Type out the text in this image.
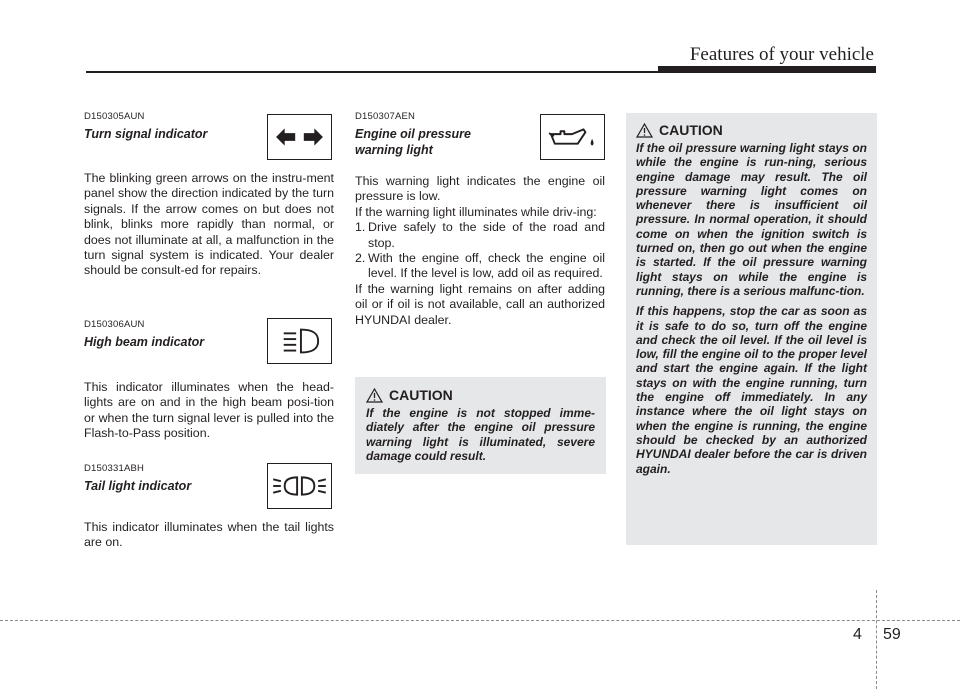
Features of your vehicle
D150305AUN
Turn signal indicator
The blinking green arrows on the instru-ment panel show the direction indicated by the turn signals. If the arrow comes on but does not blink, blinks more rapidly than normal, or does not illuminate at all, a malfunction in the turn signal system is indicated. Your dealer should be consult-ed for repairs.
D150306AUN
High beam indicator
This indicator illuminates when the head-lights are on and in the high beam posi-tion or when the turn signal lever is pulled into the Flash-to-Pass position.
D150331ABH
Tail light indicator
This indicator illuminates when the tail lights are on.
D150307AEN
Engine oil pressure
warning light

This warning light indicates the engine oil pressure is low.

If the warning light illuminates while driv-ing:

1. Drive safely to the side of the road and stop.
2. With the engine off, check the engine oil level. If the level is low, add oil as required.

If the warning light remains on after adding oil or if oil is not available, call an authorized HYUNDAI dealer.

CAUTION
If the engine is not stopped imme-diately after the engine oil pressure warning light is illuminated, severe damage could result.
CAUTION

If the oil pressure warning light stays on while the engine is run-ning, serious engine damage may result. The oil pressure warning light comes on whenever there is insufficient oil pressure. In normal operation, it should come on when the ignition switch is turned on, then go out when the engine is started. If the oil pressure warning light stays on while the engine is running, there is a serious malfunc-tion.

If this happens, stop the car as soon as it is safe to do so, turn off the engine and check the oil level. If the oil level is low, fill the engine oil to the proper level and start the engine again. If the light stays on with the engine running, turn the engine off immediately. In any instance where the oil light stays on when the engine is running, the engine should be checked by an authorized HYUNDAI dealer before the car is driven again.

4 59
